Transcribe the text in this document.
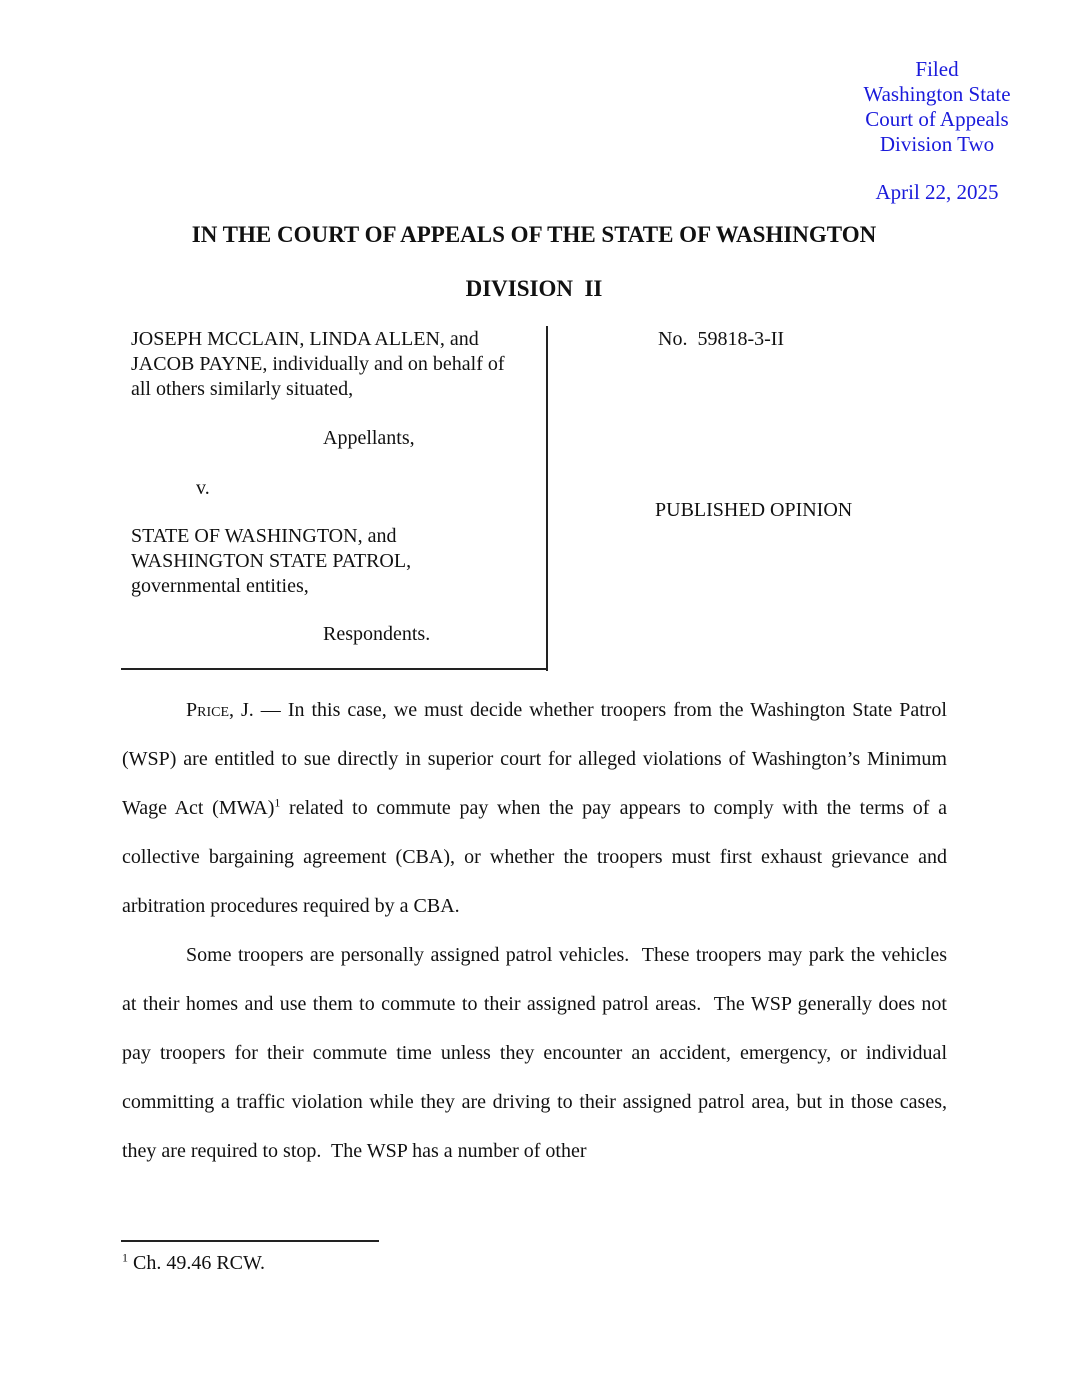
Filed
Washington State
Court of Appeals
Division Two
April 22, 2025
IN THE COURT OF APPEALS OF THE STATE OF WASHINGTON
DIVISION  II

JOSEPH MCCLAIN, LINDA ALLEN, and

JACOB PAYNE, individually and on behalf of

all others similarly situated,

Appellants,
v.
STATE OF WASHINGTON, and
WASHINGTON STATE PATROL,
governmental entities,
Respondents.
No.  59818-3-II
PUBLISHED OPINION

Price, J. — In this case, we must decide whether troopers from the Washington State Patrol (WSP) are entitled to sue directly in superior court for alleged violations of Washington’s Minimum Wage Act (MWA)$^1$ related to commute pay when the pay appears to comply with the terms of a collective bargaining agreement (CBA), or whether the troopers must first exhaust grievance and arbitration procedures required by a CBA.

Some troopers are personally assigned patrol vehicles.  These troopers may park the vehicles at their homes and use them to commute to their assigned patrol areas.  The WSP generally does not pay troopers for their commute time unless they encounter an accident, emergency, or individual committing a traffic violation while they are driving to their assigned patrol area, but in those cases, they are required to stop.  The WSP has a number of other

$^1$ Ch. 49.46 RCW.
